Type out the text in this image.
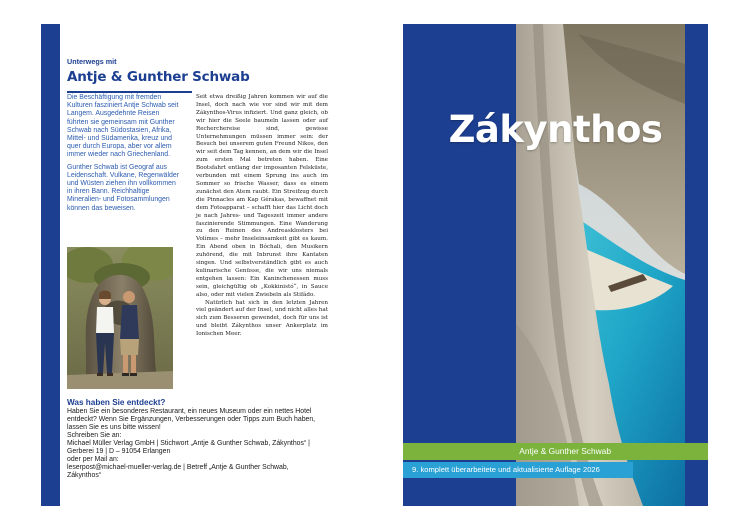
Unterwegs mit
Antje & Gunther Schwab

Die Beschäftigung mit fremden Kulturen fasziniert Antje Schwab seit Langem. Ausgedehnte Reisen führten sie gemeinsam mit Gunther Schwab nach Südostasien, Afrika, Mittel- und Südamerika, kreuz und quer durch Europa, aber vor allem immer wieder nach Griechenland.

Gunther Schwab ist Geograf aus Leidenschaft. Vulkane, Regenwälder und Wüsten ziehen ihn vollkommen in ihren Bann. Reichhaltige Mineralien- und Fotosammlungen können das beweisen.

Seit etwa dreißig Jahren kommen wir auf die Insel, doch nach wie vor sind wir mit dem Zákynthos-Virus infiziert. Und ganz gleich, ob wir hier die Seele baumeln lassen oder auf Recherchereise sind, gewisse Unternehmungen müssen immer sein: der Besuch bei unserem guten Freund Nikos, den wir seit dem Tag kennen, an dem wir die Insel zum ersten Mal betreten haben. Eine Bootsfahrt entlang der imposanten Felsküste, verbunden mit einem Sprung ins auch im Sommer so frische Wasser, dass es einem zunächst den Atem raubt. Ein Streifzug durch die Pinnacles am Kap Gérakas, bewaffnet mit dem Fotoapparat – schafft hier das Licht doch je nach Jahres- und Tageszeit immer andere faszinierende Stimmungen. Eine Wanderung zu den Ruinen des Andreasklosters bei Volímes – mehr Inseleinsamkeit gibt es kaum. Ein Abend oben in Bóchali, den Musikern zuhörend, die mit Inbrunst ihre Kantaten singen. Und selbstverständlich gibt es auch kulinarische Genüsse, die wir uns niemals entgehen lassen: Ein Kaninchenessen muss sein, gleichgültig ob „Kokkinistó“, in Sauce also, oder mit vielen Zwiebeln als Stifádo.

Natürlich hat sich in den letzten Jahren viel geändert auf der Insel, und nicht alles hat sich zum Besseren gewendet, doch für uns ist und bleibt Zákynthos unser Ankerplatz im Ionischen Meer.

Was haben Sie entdeckt?
Haben Sie ein besonderes Restaurant, ein neues Museum oder ein nettes Hotel
entdeckt? Wenn Sie Ergänzungen, Verbesserungen oder Tipps zum Buch haben,
lassen Sie es uns bitte wissen!
Schreiben Sie an:
Michael Müller Verlag GmbH | Stichwort „Antje & Gunther Schwab, Zákynthos“ |
Gerberei 19 | D – 91054 Erlangen
oder per Mail an:
leserpost@michael-mueller-verlag.de | Betreff „Antje & Gunther Schwab,
Zákynthos“
Zákynthos
Antje & Gunther Schwab
9. komplett überarbeitete und aktualisierte Auflage 2026
